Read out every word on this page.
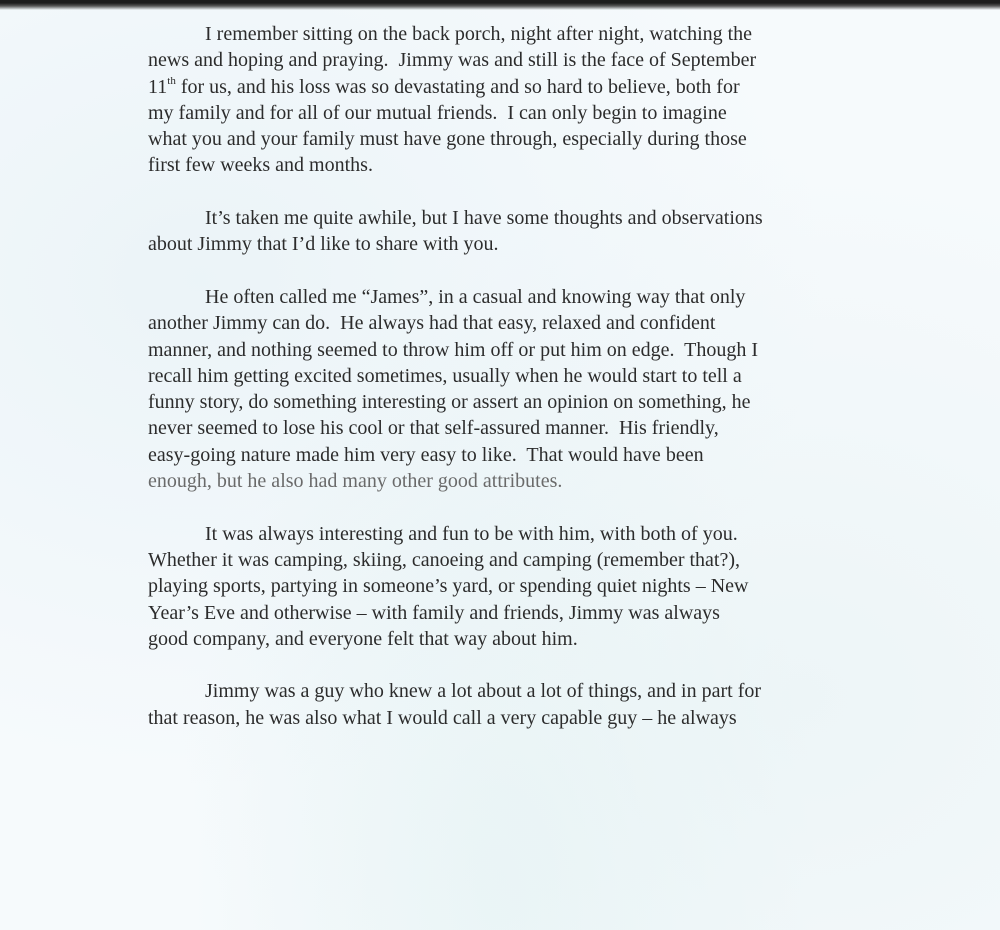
I remember sitting on the back porch, night after night, watching the
news and hoping and praying.  Jimmy was and still is the face of September
11th for us, and his loss was so devastating and so hard to believe, both for
my family and for all of our mutual friends.  I can only begin to imagine
what you and your family must have gone through, especially during those
first few weeks and months.

It’s taken me quite awhile, but I have some thoughts and observations
about Jimmy that I’d like to share with you.

He often called me “James”, in a casual and knowing way that only
another Jimmy can do.  He always had that easy, relaxed and confident
manner, and nothing seemed to throw him off or put him on edge.  Though I
recall him getting excited sometimes, usually when he would start to tell a
funny story, do something interesting or assert an opinion on something, he
never seemed to lose his cool or that self-assured manner.  His friendly,
easy-going nature made him very easy to like.  That would have been
enough, but he also had many other good attributes.

It was always interesting and fun to be with him, with both of you.
Whether it was camping, skiing, canoeing and camping (remember that?),
playing sports, partying in someone’s yard, or spending quiet nights – New
Year’s Eve and otherwise – with family and friends, Jimmy was always
good company, and everyone felt that way about him.

Jimmy was a guy who knew a lot about a lot of things, and in part for
that reason, he was also what I would call a very capable guy – he always
